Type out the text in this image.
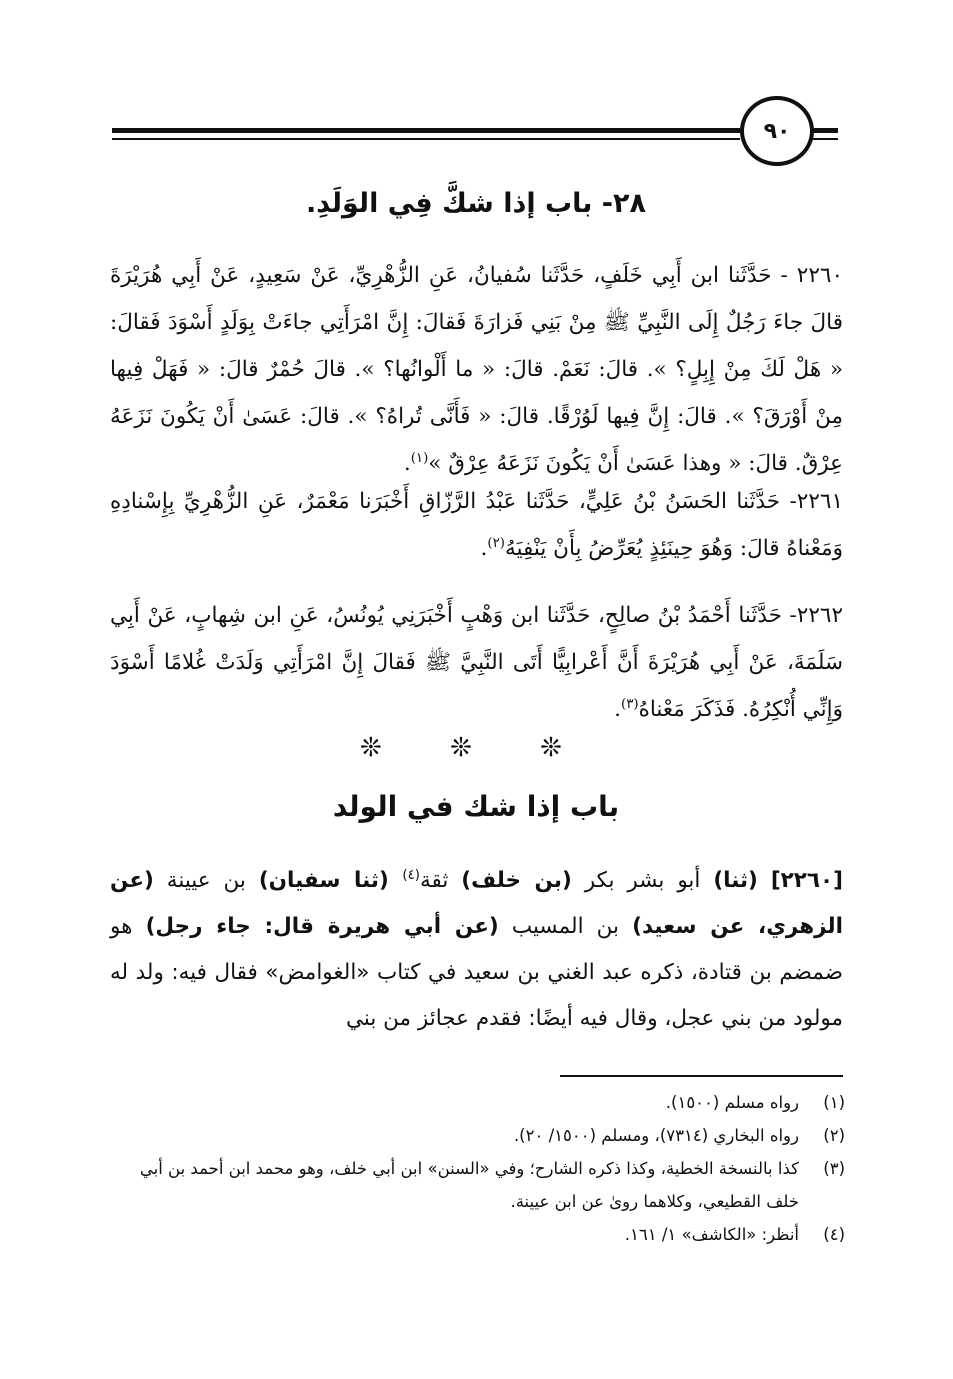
٩٠
٢٨- باب إذا شكَّ فِي الوَلَدِ.
٢٢٦٠ - حَدَّثَنا ابن أَبِي خَلَفٍ، حَدَّثَنا سُفيانُ، عَنِ الزُّهْرِيِّ، عَنْ سَعِيدٍ، عَنْ أَبِي هُرَيْرَةَ قالَ جاءَ رَجُلٌ إِلَى النَّبِيِّ ﷺ مِنْ بَنِي فَزارَةَ فَقالَ: إِنَّ امْرَأَتِي جاءَتْ بِوَلَدٍ أَسْوَدَ فَقالَ: « هَلْ لَكَ مِنْ إِبِلٍ؟ ». قالَ: نَعَمْ. قالَ: « ما أَلْوانُها؟ ». قالَ حُمْرٌ قالَ: « فَهَلْ فِيها مِنْ أَوْرَقَ؟ ». قالَ: إِنَّ فِيها لَوُرْقًا. قالَ: « فَأَنَّى تُراهُ؟ ». قالَ: عَسَىٰ أَنْ يَكُونَ نَزَعَهُ عِرْقٌ. قالَ: « وهذا عَسَىٰ أَنْ يَكُونَ نَزَعَهُ عِرْقٌ »$^{(١)}$.
٢٢٦١- حَدَّثَنا الحَسَنُ بْنُ عَلِيٍّ، حَدَّثَنا عَبْدُ الرَّزّاقِ أَخْبَرَنا مَعْمَرٌ، عَنِ الزُّهْرِيِّ بِإِسْنادِهِ وَمَعْناهُ قالَ: وَهُوَ حِينَئِذٍ يُعَرِّضُ بِأَنْ يَنْفِيَهُ$^{(٢)}$.
٢٢٦٢- حَدَّثَنا أَحْمَدُ بْنُ صالِحٍ، حَدَّثَنا ابن وَهْبٍ أَخْبَرَنِي يُونُسُ، عَنِ ابن شِهابٍ، عَنْ أَبِي سَلَمَةَ، عَنْ أَبِي هُرَيْرَةَ أَنَّ أَعْرابِيًّا أَتَى النَّبِيَّ ﷺ فَقالَ إِنَّ امْرَأَتِي وَلَدَتْ غُلامًا أَسْوَدَ وَإِنِّي أُنْكِرُهُ. فَذَكَرَ مَعْناهُ$^{(٣)}$.
❊ ❊ ❊
باب إذا شك في الولد
[٢٢٦٠] (ثنا) أبو بشر بكر (بن خلف) ثقة$^{(٤)}$ (ثنا سفيان) بن عيينة (عن الزهري، عن سعيد) بن المسيب (عن أبي هريرة قال: جاء رجل) هو ضمضم بن قتادة، ذكره عبد الغني بن سعيد في كتاب «الغوامض» فقال فيه: ولد له مولود من بني عجل، وقال فيه أيضًا: فقدم عجائز من بني
(١)
رواه مسلم (١٥٠٠).
(٢)
رواه البخاري (٧٣١٤)، ومسلم (١٥٠٠/ ٢٠).
(٣)
كذا بالنسخة الخطية، وكذا ذكره الشارح؛ وفي «السنن» ابن أبي خلف، وهو محمد ابن أحمد بن أبي خلف القطيعي، وكلاهما روىٰ عن ابن عيينة.
(٤)
أنظر: «الكاشف» ١/ ١٦١.
